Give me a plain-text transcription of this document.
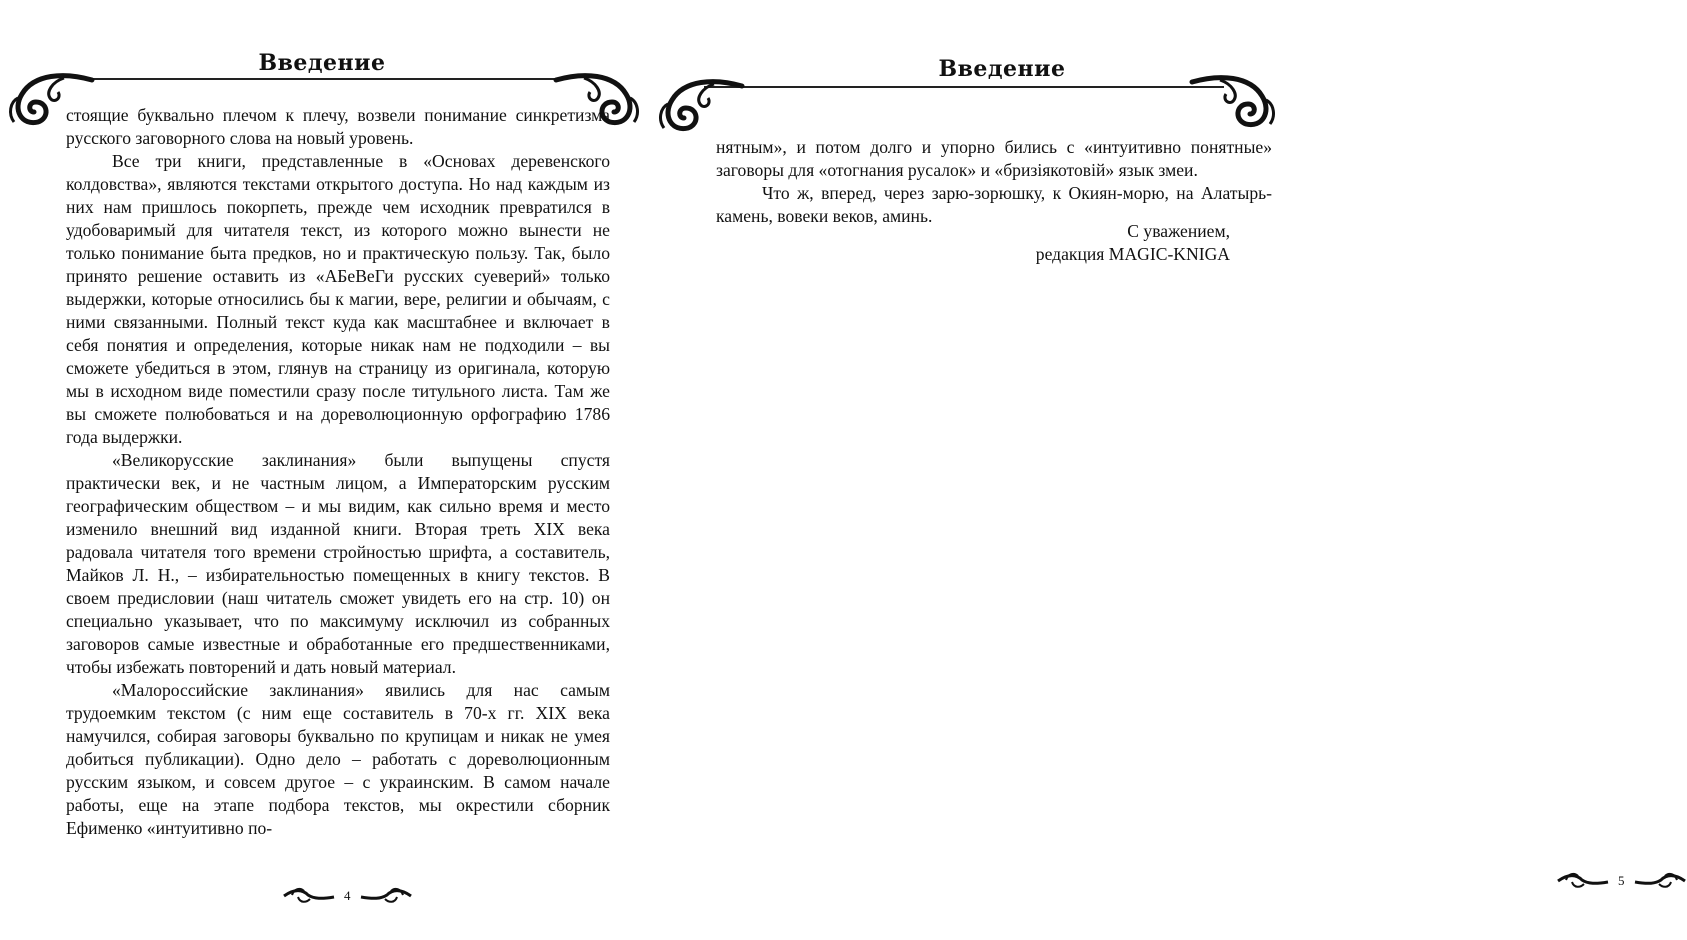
Введение

стоящие буквально плечом к плечу, возвели понимание синкретизма русского заговорного слова на новый уровень.

Все три книги, представленные в «Основах деревенского колдовства», являются текстами открытого доступа. Но над каждым из них нам пришлось покорпеть, прежде чем исходник превратился в удобоваримый для читателя текст, из которого можно вынести не только понимание быта предков, но и практическую пользу. Так, было принято решение оставить из «АБеВеГи русских суеверий» только выдержки, которые относились бы к магии, вере, религии и обычаям, с ними связанными. Полный текст куда как масштабнее и включает в себя понятия и определения, которые никак нам не подходили – вы сможете убедиться в этом, глянув на страницу из оригинала, которую мы в исходном виде поместили сразу после титульного листа. Там же вы сможете полюбоваться и на дореволюционную орфографию 1786 года выдержки.

«Великорусские заклинания» были выпущены спустя практически век, и не частным лицом, а Императорским русским географическим обществом – и мы видим, как сильно время и место изменило внешний вид изданной книги. Вторая треть XIX века радовала читателя того времени стройностью шрифта, а составитель, Майков Л. Н., – избирательностью помещенных в книгу текстов. В своем предисловии (наш читатель сможет увидеть его на стр. 10) он специально указывает, что по максимуму исключил из собранных заговоров самые известные и обработанные его предшественниками, чтобы избежать повторений и дать новый материал.

«Малороссийские заклинания» явились для нас самым трудоемким текстом (с ним еще составитель в 70-х гг. XIX века намучился, собирая заговоры буквально по крупицам и никак не умея добиться публикации). Одно дело – работать с дореволюционным русским языком, и совсем другое – с украинским. В самом начале работы, еще на этапе подбора текстов, мы окрестили сборник Ефименко «интуитивно по-

4
Введение

нятным», и потом долго и упорно бились с «интуитивно понятные» заговоры для «отогнания русалок» и «бризіякотовій» язык змеи.

Что ж, вперед, через зарю-зорюшку, к Окиян-морю, на Алатырь-камень, вовеки веков, аминь.

С уважением,
редакция MAGIC-KNIGA
5
